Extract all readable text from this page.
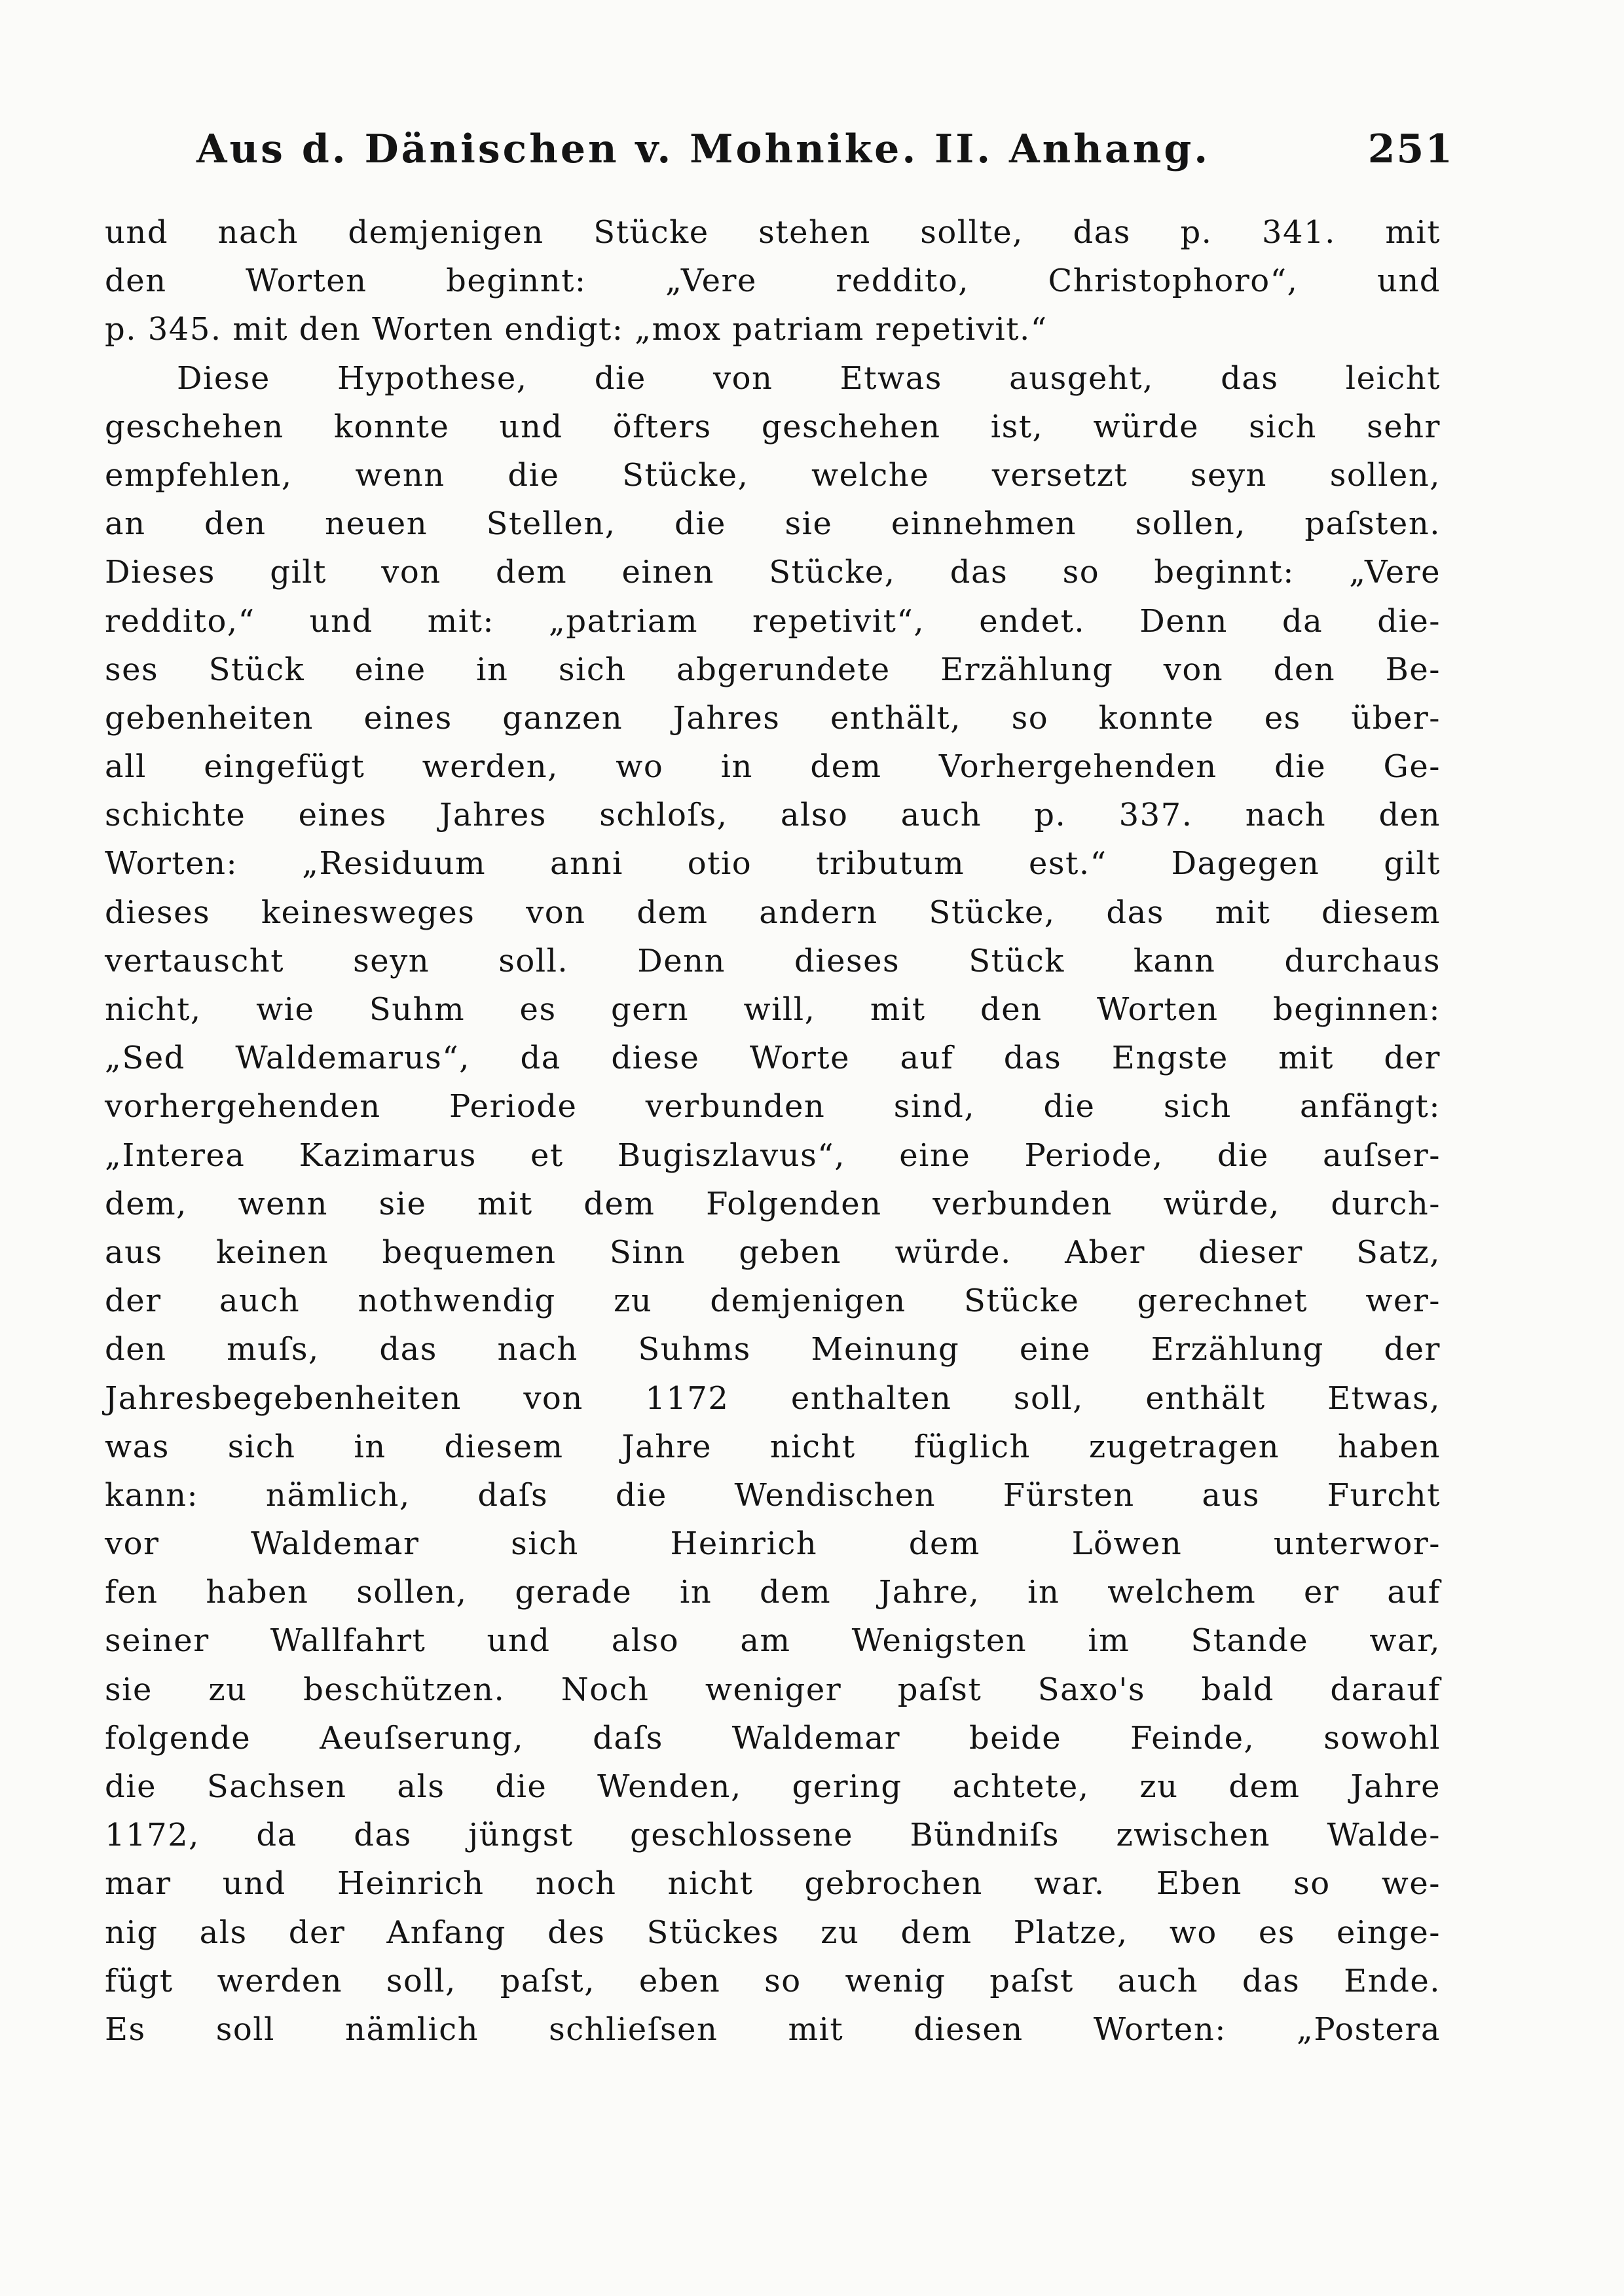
Aus d. Dänischen v. Mohnike. II. Anhang.	251
und nach demjenigen Stücke stehen sollte, das p. 341. mit
den Worten beginnt: „Vere reddito, Christophoro“, und
p. 345. mit den Worten endigt: „mox patriam repetivit.“
Diese Hypothese, die von Etwas ausgeht, das leicht
geschehen konnte und öfters geschehen ist, würde sich sehr
empfehlen, wenn die Stücke, welche versetzt seyn sollen,
an den neuen Stellen, die sie einnehmen sollen, paſsten.
Dieses gilt von dem einen Stücke, das so beginnt: „Vere
reddito,“ und mit: „patriam repetivit“, endet. Denn da die-
ses Stück eine in sich abgerundete Erzählung von den Be-
gebenheiten eines ganzen Jahres enthält, so konnte es über-
all eingefügt werden, wo in dem Vorhergehenden die Ge-
schichte eines Jahres schloſs, also auch p. 337. nach den
Worten: „Residuum anni otio tributum est.“ Dagegen gilt
dieses keinesweges von dem andern Stücke, das mit diesem
vertauscht seyn soll. Denn dieses Stück kann durchaus
nicht, wie Suhm es gern will, mit den Worten beginnen:
„Sed Waldemarus“, da diese Worte auf das Engste mit der
vorhergehenden Periode verbunden sind, die sich anfängt:
„Interea Kazimarus et Bugiszlavus“, eine Periode, die auſser-
dem, wenn sie mit dem Folgenden verbunden würde, durch-
aus keinen bequemen Sinn geben würde. Aber dieser Satz,
der auch nothwendig zu demjenigen Stücke gerechnet wer-
den muſs, das nach Suhms Meinung eine Erzählung der
Jahresbegebenheiten von 1172 enthalten soll, enthält Etwas,
was sich in diesem Jahre nicht füglich zugetragen haben
kann: nämlich, daſs die Wendischen Fürsten aus Furcht
vor Waldemar sich Heinrich dem Löwen unterwor-
fen haben sollen, gerade in dem Jahre, in welchem er auf
seiner Wallfahrt und also am Wenigsten im Stande war,
sie zu beschützen. Noch weniger paſst Saxo's bald darauf
folgende Aeuſserung, daſs Waldemar beide Feinde, sowohl
die Sachsen als die Wenden, gering achtete, zu dem Jahre
1172, da das jüngst geschlossene Bündniſs zwischen Walde-
mar und Heinrich noch nicht gebrochen war. Eben so we-
nig als der Anfang des Stückes zu dem Platze, wo es einge-
fügt werden soll, paſst, eben so wenig paſst auch das Ende.
Es soll nämlich schlieſsen mit diesen Worten: „Postera
